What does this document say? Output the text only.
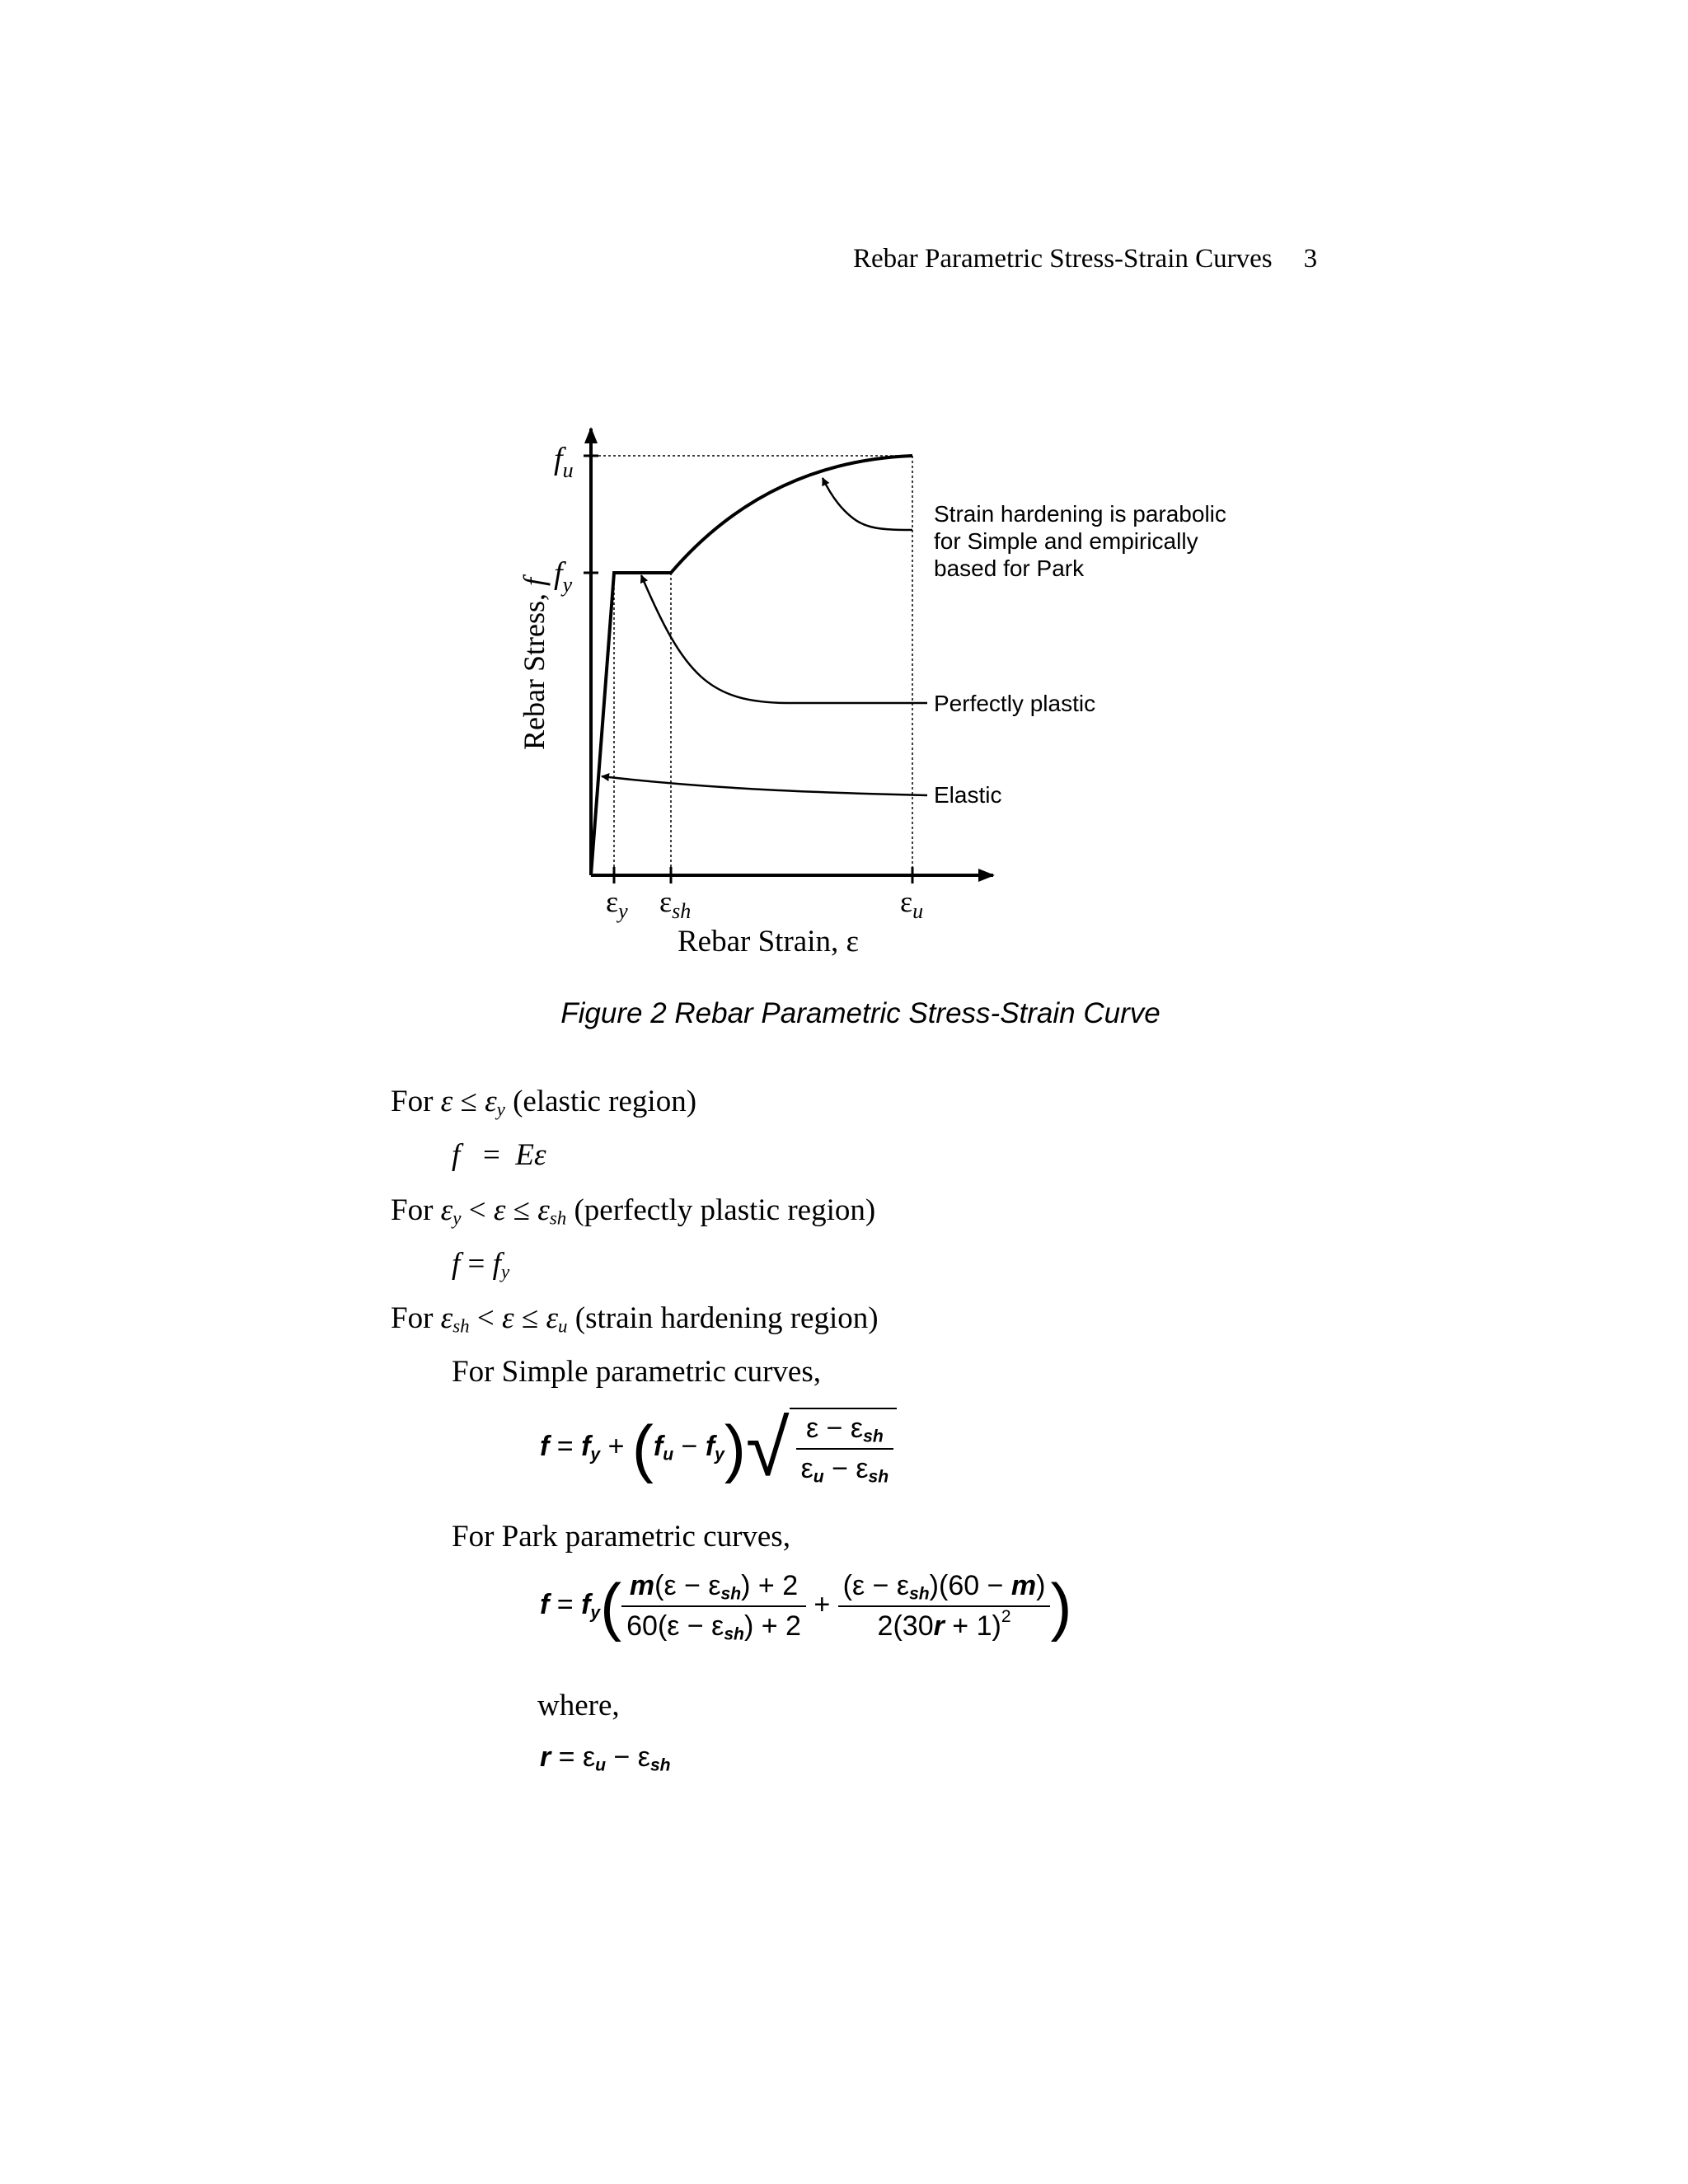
Rebar Parametric Stress-Strain Curves 3
$f_u$
$f_y$
$\varepsilon_y$ $\varepsilon_{sh}$	$\varepsilon_u$
Rebar Stress, f
Rebar Strain, ε
Strain hardening is parabolic
for Simple and empirically
based for Park
Perfectly plastic
Elastic
Figure 2 Rebar Parametric Stress-Strain Curve
For $\varepsilon \le \varepsilon_y$ (elastic region)
f   =  Eε
For $\varepsilon_y < \varepsilon \le \varepsilon_{sh}$ (perfectly plastic region)
$f = f_y$
For $\varepsilon_{sh} < \varepsilon \le \varepsilon_u$ (strain hardening region)
For Simple parametric curves,
$f = f_y + (f_u - f_y)√ \frac{\varepsilon - \varepsilon_{sh}}{\varepsilon_u - \varepsilon_{sh}}$
For Park parametric curves,
$f = f_y( \frac{m(\varepsilon - \varepsilon_{sh}) + 2}{60(\varepsilon - \varepsilon_{sh}) + 2} + \frac{(\varepsilon - \varepsilon_{sh})(60 - m)}{2(30r + 1)^2}$ )
where,
$r = \varepsilon_u - \varepsilon_{sh}$
